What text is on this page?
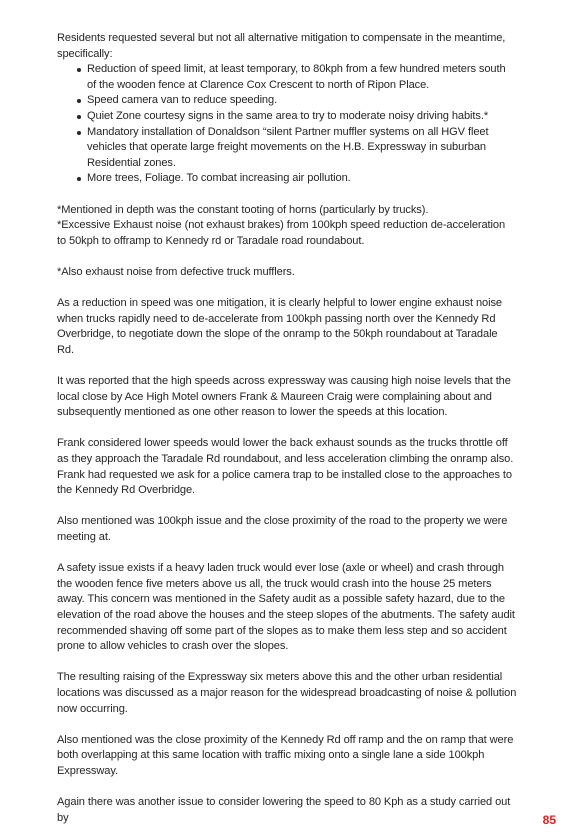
Residents requested several but not all alternative mitigation to compensate in the meantime, specifically:

Reduction of speed limit, at least temporary, to 80kph from a few hundred meters south of the wooden fence at Clarence Cox Crescent to north of Ripon Place.
Speed camera van to reduce speeding.
Quiet Zone courtesy signs in the same area to try to moderate noisy driving habits.*
Mandatory installation of Donaldson “silent Partner muffler systems on all HGV fleet vehicles that operate large freight movements on the H.B. Expressway in suburban Residential zones.
More trees, Foliage. To combat increasing air pollution.

*Mentioned in depth was the constant tooting of horns (particularly by trucks).

*Excessive Exhaust noise (not exhaust brakes) from 100kph speed reduction de-acceleration to 50kph to offramp to Kennedy rd or Taradale road roundabout.

*Also exhaust noise from defective truck mufflers.

As a reduction in speed was one mitigation, it is clearly helpful to lower engine exhaust noise when trucks rapidly need to de-accelerate from 100kph passing north over the Kennedy Rd Overbridge, to negotiate down the slope of the onramp to the 50kph roundabout at Taradale Rd.

It was reported that the high speeds across expressway was causing high noise levels that the local close by Ace High Motel owners Frank & Maureen Craig were complaining about and subsequently mentioned as one other reason to lower the speeds at this location.

Frank considered lower speeds would lower the back exhaust sounds as the trucks throttle off as they approach the Taradale Rd roundabout, and less acceleration climbing the onramp also. Frank had requested we ask for a police camera trap to be installed close to the approaches to the Kennedy Rd Overbridge.

Also mentioned was 100kph issue and the close proximity of the road to the property we were meeting at.

A safety issue exists if a heavy laden truck would ever lose (axle or wheel) and crash through the wooden fence five meters above us all, the truck would crash into the house 25 meters away. This concern was mentioned in the Safety audit as a possible safety hazard, due to the elevation of the road above the houses and the steep slopes of the abutments. The safety audit recommended shaving off some part of the slopes as to make them less step and so accident prone to allow vehicles to crash over the slopes.

The resulting raising of the Expressway six meters above this and the other urban residential locations was discussed as a major reason for the widespread broadcasting of noise & pollution now occurring.

Also mentioned was the close proximity of the Kennedy Rd off ramp and the on ramp that were both overlapping at this same location with traffic mixing onto a single lane a side 100kph Expressway.

Again there was another issue to consider lowering the speed to 80 Kph as a study carried out by	85
